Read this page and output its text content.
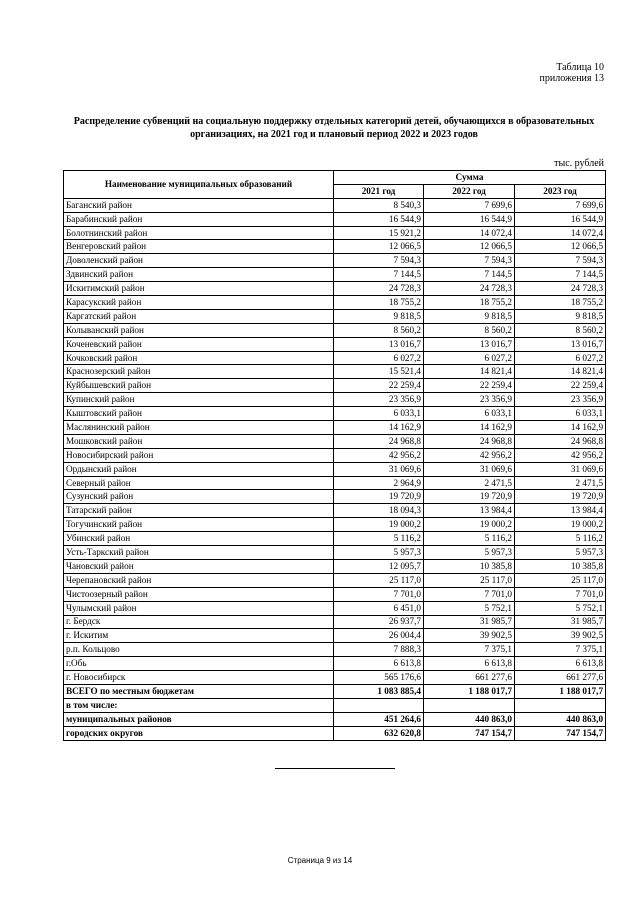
Таблица 10
приложения 13
Распределение субвенций на социальную поддержку отдельных категорий детей, обучающихся в образовательных
организациях, на 2021 год и плановый период 2022 и 2023 годов
тыс. рублей
Наименование муниципальных образований	Сумма		
	2021 год	2022 год	2023 год
Баганский район	8 540,3	7 699,6	7 699,6
Барабинский район	16 544,9	16 544,9	16 544,9
Болотнинский район	15 921,2	14 072,4	14 072,4
Венгеровский район	12 066,5	12 066,5	12 066,5
Доволенский район	7 594,3	7 594,3	7 594,3
Здвинский район	7 144,5	7 144,5	7 144,5
Искитимский район	24 728,3	24 728,3	24 728,3
Карасукский район	18 755,2	18 755,2	18 755,2
Каргатский район	9 818,5	9 818,5	9 818,5
Колыванский район	8 560,2	8 560,2	8 560,2
Коченевский район	13 016,7	13 016,7	13 016,7
Кочковский район	6 027,2	6 027,2	6 027,2
Краснозерский район	15 521,4	14 821,4	14 821,4
Куйбышевский район	22 259,4	22 259,4	22 259,4
Купинский район	23 356,9	23 356,9	23 356,9
Кыштовский район	6 033,1	6 033,1	6 033,1
Маслянинский район	14 162,9	14 162,9	14 162,9
Мошковский район	24 968,8	24 968,8	24 968,8
Новосибирский район	42 956,2	42 956,2	42 956,2
Ордынский район	31 069,6	31 069,6	31 069,6
Северный район	2 964,9	2 471,5	2 471,5
Сузунский район	19 720,9	19 720,9	19 720,9
Татарский район	18 094,3	13 984,4	13 984,4
Тогучинский район	19 000,2	19 000,2	19 000,2
Убинский район	5 116,2	5 116,2	5 116,2
Усть-Таркский район	5 957,3	5 957,3	5 957,3
Чановский район	12 095,7	10 385,8	10 385,8
Черепановский район	25 117,0	25 117,0	25 117,0
Чистоозерный район	7 701,0	7 701,0	7 701,0
Чулымский район	6 451,0	5 752,1	5 752,1
г. Бердск	26 937,7	31 985,7	31 985,7
г. Искитим	26 004,4	39 902,5	39 902,5
р.п. Кольцово	7 888,3	7 375,1	7 375,1
г.Обь	6 613,8	6 613,8	6 613,8
г. Новосибирск	565 176,6	661 277,6	661 277,6
ВСЕГО по местным бюджетам	1 083 885,4	1 188 017,7	1 188 017,7
в том числе:			
муниципальных районов	451 264,6	440 863,0	440 863,0
городских округов	632 620,8	747 154,7	747 154,7
Страница 9 из 14
